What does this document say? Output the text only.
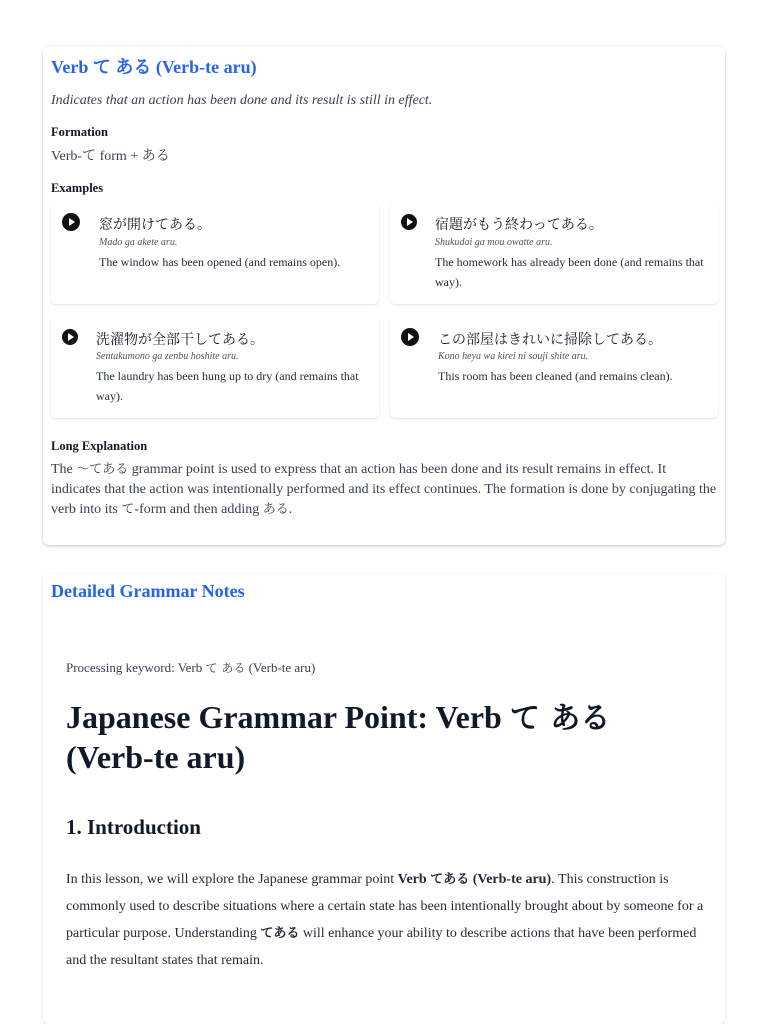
Verb て ある (Verb-te aru)
Indicates that an action has been done and its result is still in effect.
Formation
Verb-て form + ある
Examples
窓が開けてある。
Mado ga akete aru.
The window has been opened (and remains open).
宿題がもう終わってある。
Shukudai ga mou owatte aru.
The homework has already been done (and remains that way).
洗濯物が全部干してある。
Sentakumono ga zenbu hoshite aru.
The laundry has been hung up to dry (and remains that way).
この部屋はきれいに掃除してある。
Kono heya wa kirei ni souji shite aru.
This room has been cleaned (and remains clean).
Long Explanation
The ～てある grammar point is used to express that an action has been done and its result remains in effect. It indicates that the action was intentionally performed and its effect continues. The formation is done by conjugating the verb into its て-form and then adding ある.
Detailed Grammar Notes
Processing keyword: Verb て ある (Verb-te aru)
Japanese Grammar Point: Verb て ある
(Verb-te aru)
1. Introduction
In this lesson, we will explore the Japanese grammar point Verb てある (Verb-te aru). This construction is commonly used to describe situations where a certain state has been intentionally brought about by someone for a particular purpose. Understanding てある will enhance your ability to describe actions that have been performed and the resultant states that remain.
